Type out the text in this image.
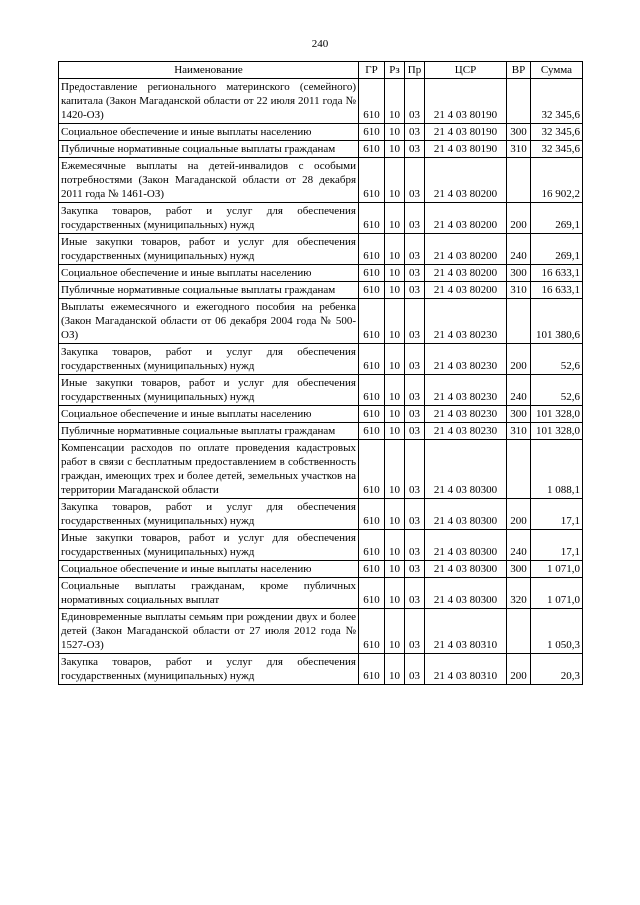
240
Наименование	ГР	Рз	Пр	ЦСР	ВР	Сумма
Предоставление регионального материнского (семейного) капитала (Закон Магаданской области от 22 июля 2011 года № 1420-ОЗ)	610	10	03	21 4 03 80190		32 345,6
Социальное обеспечение и иные выплаты населению	610	10	03	21 4 03 80190	300	32 345,6
Публичные нормативные социальные выплаты гражданам	610	10	03	21 4 03 80190	310	32 345,6
Ежемесячные выплаты на детей-инвалидов с особыми потребностями (Закон Магаданской области от 28 декабря 2011 года № 1461-ОЗ)	610	10	03	21 4 03 80200		16 902,2
Закупка товаров, работ и услуг для обеспечения государственных (муниципальных) нужд	610	10	03	21 4 03 80200	200	269,1
Иные закупки товаров, работ и услуг для обеспечения государственных (муниципальных) нужд	610	10	03	21 4 03 80200	240	269,1
Социальное обеспечение и иные выплаты населению	610	10	03	21 4 03 80200	300	16 633,1
Публичные нормативные социальные выплаты гражданам	610	10	03	21 4 03 80200	310	16 633,1
Выплаты ежемесячного и ежегодного пособия на ребенка (Закон Магаданской области от 06 декабря 2004 года № 500-ОЗ)	610	10	03	21 4 03 80230		101 380,6
Закупка товаров, работ и услуг для обеспечения государственных (муниципальных) нужд	610	10	03	21 4 03 80230	200	52,6
Иные закупки товаров, работ и услуг для обеспечения государственных (муниципальных) нужд	610	10	03	21 4 03 80230	240	52,6
Социальное обеспечение и иные выплаты населению	610	10	03	21 4 03 80230	300	101 328,0
Публичные нормативные социальные выплаты гражданам	610	10	03	21 4 03 80230	310	101 328,0
Компенсации расходов по оплате проведения кадастровых работ в связи с бесплатным предоставлением в собственность граждан, имеющих трех и более детей, земельных участков на территории Магаданской области	610	10	03	21 4 03 80300		1 088,1
Закупка товаров, работ и услуг для обеспечения государственных (муниципальных) нужд	610	10	03	21 4 03 80300	200	17,1
Иные закупки товаров, работ и услуг для обеспечения государственных (муниципальных) нужд	610	10	03	21 4 03 80300	240	17,1
Социальное обеспечение и иные выплаты населению	610	10	03	21 4 03 80300	300	1 071,0
Социальные выплаты гражданам, кроме публичных нормативных социальных выплат	610	10	03	21 4 03 80300	320	1 071,0
Единовременные выплаты семьям при рождении двух и более детей (Закон Магаданской области от 27 июля 2012 года № 1527-ОЗ)	610	10	03	21 4 03 80310		1 050,3
Закупка товаров, работ и услуг для обеспечения государственных (муниципальных) нужд	610	10	03	21 4 03 80310	200	20,3
